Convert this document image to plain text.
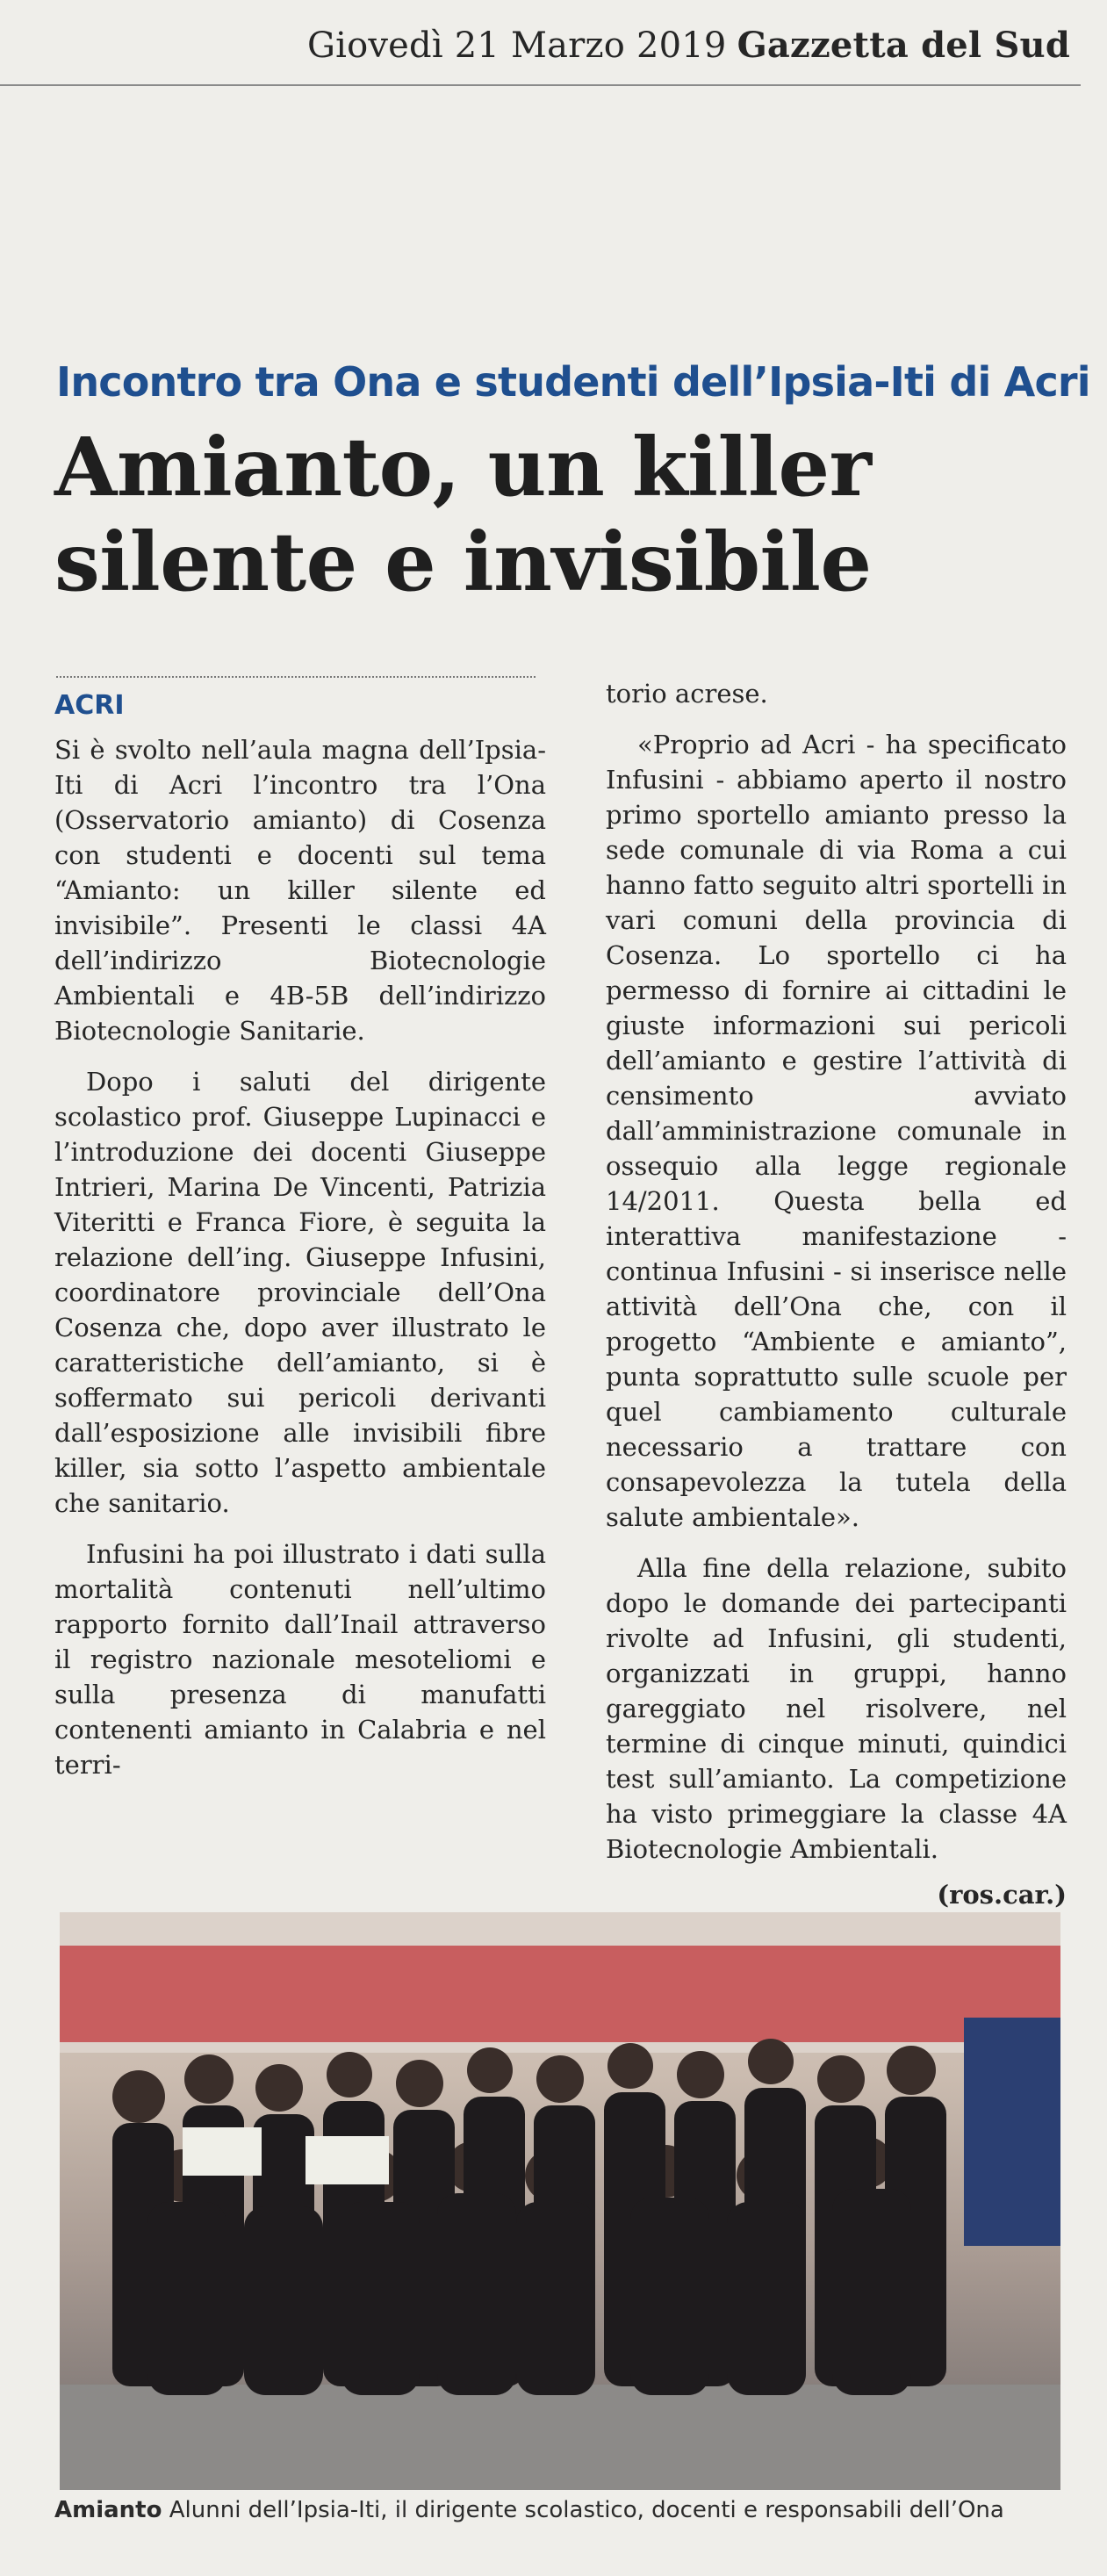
Giovedì 21 Marzo 2019 Gazzetta del Sud
Incontro tra Ona e studenti dell’Ipsia-Iti di Acri
Amianto, un killer
silente e invisibile
ACRI

Si è svolto nell’aula magna dell’Ipsia-Iti di Acri l’incontro tra l’Ona (Osservatorio amianto) di Cosenza con studenti e docenti sul tema “Amianto: un killer silente ed invisibile”. Presenti le classi 4A dell’indirizzo Biotecnologie Ambientali e 4B-5B dell’indirizzo Biotecnologie Sanitarie.

Dopo i saluti del dirigente scolastico prof. Giuseppe Lupinacci e l’introduzione dei docenti Giuseppe Intrieri, Marina De Vincenti, Patrizia Viteritti e Franca Fiore, è seguita la relazione dell’ing. Giuseppe Infusini, coordinatore provinciale dell’Ona Cosenza che, dopo aver illustrato le caratteristiche dell’amianto, si è soffermato sui pericoli derivanti dall’esposizione alle invisibili fibre killer, sia sotto l’aspetto ambientale che sanitario.

Infusini ha poi illustrato i dati sulla mortalità contenuti nell’ultimo rapporto fornito dall’Inail attraverso il registro nazionale mesoteliomi e sulla presenza di manufatti contenenti amianto in Calabria e nel terri-

torio acrese.

«Proprio ad Acri - ha specificato Infusini - abbiamo aperto il nostro primo sportello amianto presso la sede comunale di via Roma a cui hanno fatto seguito altri sportelli in vari comuni della provincia di Cosenza. Lo sportello ci ha permesso di fornire ai cittadini le giuste informazioni sui pericoli dell’amianto e gestire l’attività di censimento avviato dall’amministrazione comunale in ossequio alla legge regionale 14/2011. Questa bella ed interattiva manifestazione - continua Infusini - si inserisce nelle attività dell’Ona che, con il progetto “Ambiente e amianto”, punta soprattutto sulle scuole per quel cambiamento culturale necessario a trattare con consapevolezza la tutela della salute ambientale».

Alla fine della relazione, subito dopo le domande dei partecipanti rivolte ad Infusini, gli studenti, organizzati in gruppi, hanno gareggiato nel risolvere, nel termine di cinque minuti, quindici test sull’amianto. La competizione ha visto primeggiare la classe 4A Biotecnologie Ambientali.

(ros.car.)
Amianto Alunni dell’Ipsia-Iti, il dirigente scolastico, docenti e responsabili dell’Ona
